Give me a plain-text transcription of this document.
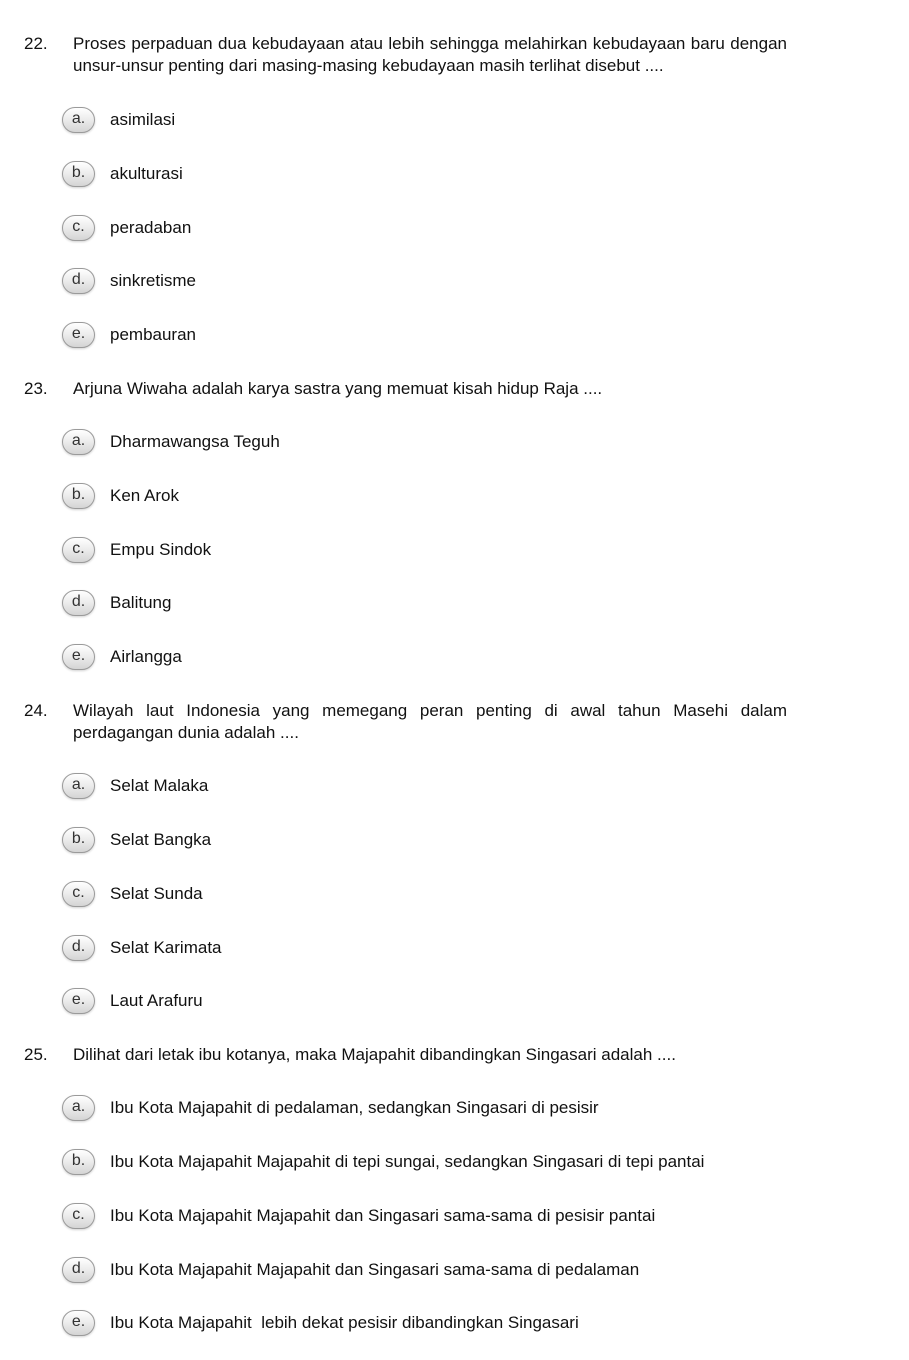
22. Proses perpaduan dua kebudayaan atau lebih sehingga melahirkan kebudayaan baru dengan unsur-unsur penting dari masing-masing kebudayaan masih terlihat disebut ....
a.	asimilasi
b.	akulturasi
c.	peradaban
d.	sinkretisme
e.	pembauran
23. Arjuna Wiwaha adalah karya sastra yang memuat kisah hidup Raja ....
a.	Dharmawangsa Teguh
b.	Ken Arok
c.	Empu Sindok
d.	Balitung
e.	Airlangga
24. Wilayah laut Indonesia yang memegang peran penting di awal tahun Masehi dalam perdagangan dunia adalah ....
a.	Selat Malaka
b.	Selat Bangka
c.	Selat Sunda
d.	Selat Karimata
e.	Laut Arafuru
25. Dilihat dari letak ibu kotanya, maka Majapahit dibandingkan Singasari adalah ....
a.	Ibu Kota Majapahit di pedalaman, sedangkan Singasari di pesisir
b.	Ibu Kota Majapahit Majapahit di tepi sungai, sedangkan Singasari di tepi pantai
c.	Ibu Kota Majapahit Majapahit dan Singasari sama-sama di pesisir pantai
d.	Ibu Kota Majapahit Majapahit dan Singasari sama-sama di pedalaman
e.	Ibu Kota Majapahit  lebih dekat pesisir dibandingkan Singasari
